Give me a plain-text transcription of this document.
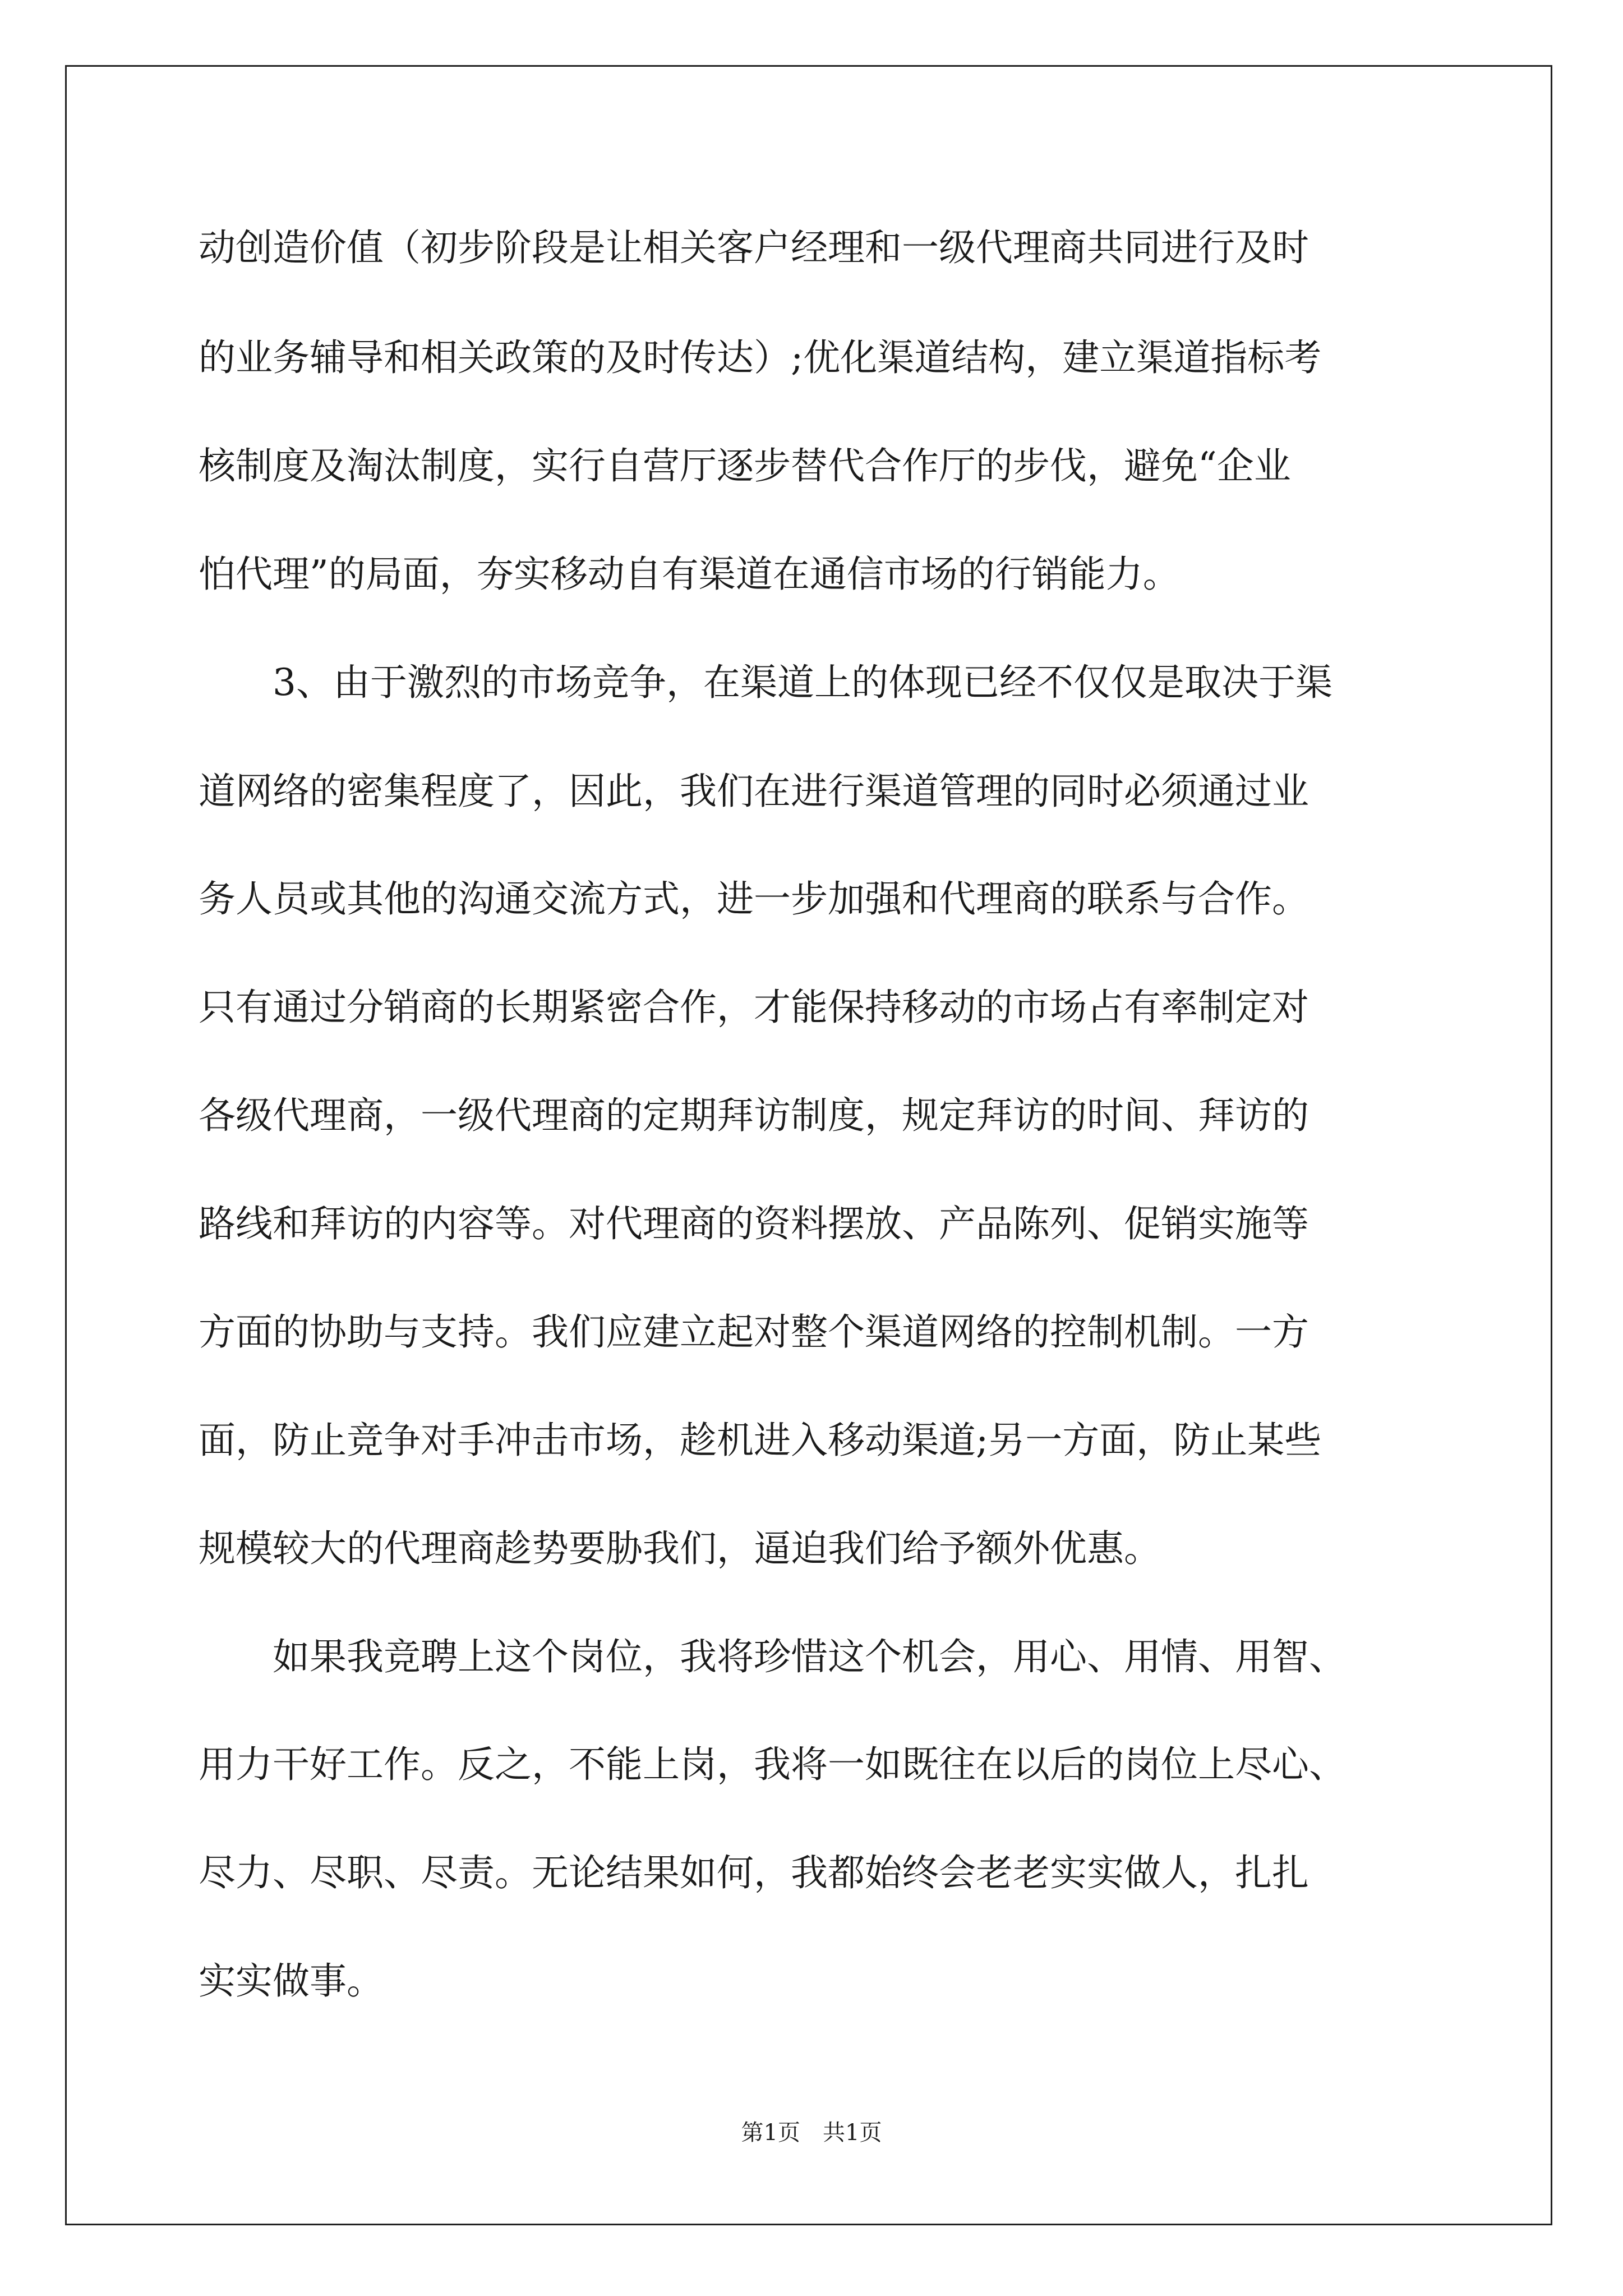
动创造价值（初步阶段是让相关客户经理和一级代理商共同进行及时
的业务辅导和相关政策的及时传达）;优化渠道结构，建立渠道指标考
核制度及淘汰制度，实行自营厅逐步替代合作厅的步伐，避免“企业
怕代理”的局面，夯实移动自有渠道在通信市场的行销能力。
3、由于激烈的市场竞争，在渠道上的体现已经不仅仅是取决于渠
道网络的密集程度了，因此，我们在进行渠道管理的同时必须通过业
务人员或其他的沟通交流方式，进一步加强和代理商的联系与合作。
只有通过分销商的长期紧密合作，才能保持移动的市场占有率制定对
各级代理商，一级代理商的定期拜访制度，规定拜访的时间、拜访的
路线和拜访的内容等。对代理商的资料摆放、产品陈列、促销实施等
方面的协助与支持。我们应建立起对整个渠道网络的控制机制。一方
面，防止竞争对手冲击市场，趁机进入移动渠道;另一方面，防止某些
规模较大的代理商趁势要胁我们，逼迫我们给予额外优惠。
如果我竞聘上这个岗位，我将珍惜这个机会，用心、用情、用智、
用力干好工作。反之，不能上岗，我将一如既往在以后的岗位上尽心、
尽力、尽职、尽责。无论结果如何，我都始终会老老实实做人，扎扎
实实做事。
第1页　共1页
